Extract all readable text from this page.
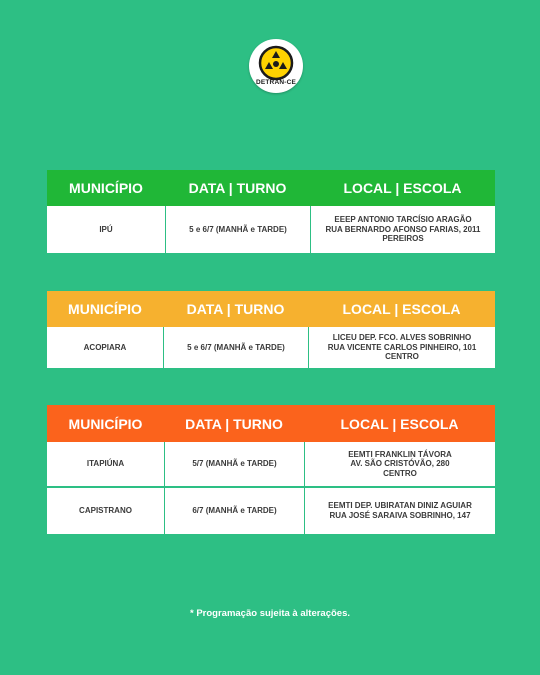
DETRAN-CE
MUNICÍPIO	DATA | TURNO	LOCAL | ESCOLA
IPÚ	5 e 6/7 (MANHÃ e TARDE)
EEEP ANTONIO TARCÍSIO ARAGÃO
RUA BERNARDO AFONSO FARIAS, 2011
PEREIROS
MUNICÍPIO	DATA | TURNO	LOCAL | ESCOLA
ACOPIARA	5 e 6/7 (MANHÃ e TARDE)
LICEU DEP. FCO. ALVES SOBRINHO
RUA VICENTE CARLOS PINHEIRO, 101
CENTRO
MUNICÍPIO	DATA | TURNO	LOCAL | ESCOLA
ITAPIÚNA	5/7 (MANHÃ e TARDE)
EEMTI FRANKLIN TÁVORA
AV. SÃO CRISTÓVÃO, 280
CENTRO
CAPISTRANO	6/7 (MANHÃ e TARDE)
EEMTI DEP. UBIRATAN DINIZ AGUIAR
RUA JOSÉ SARAIVA SOBRINHO, 147
* Programação sujeita à alterações.
